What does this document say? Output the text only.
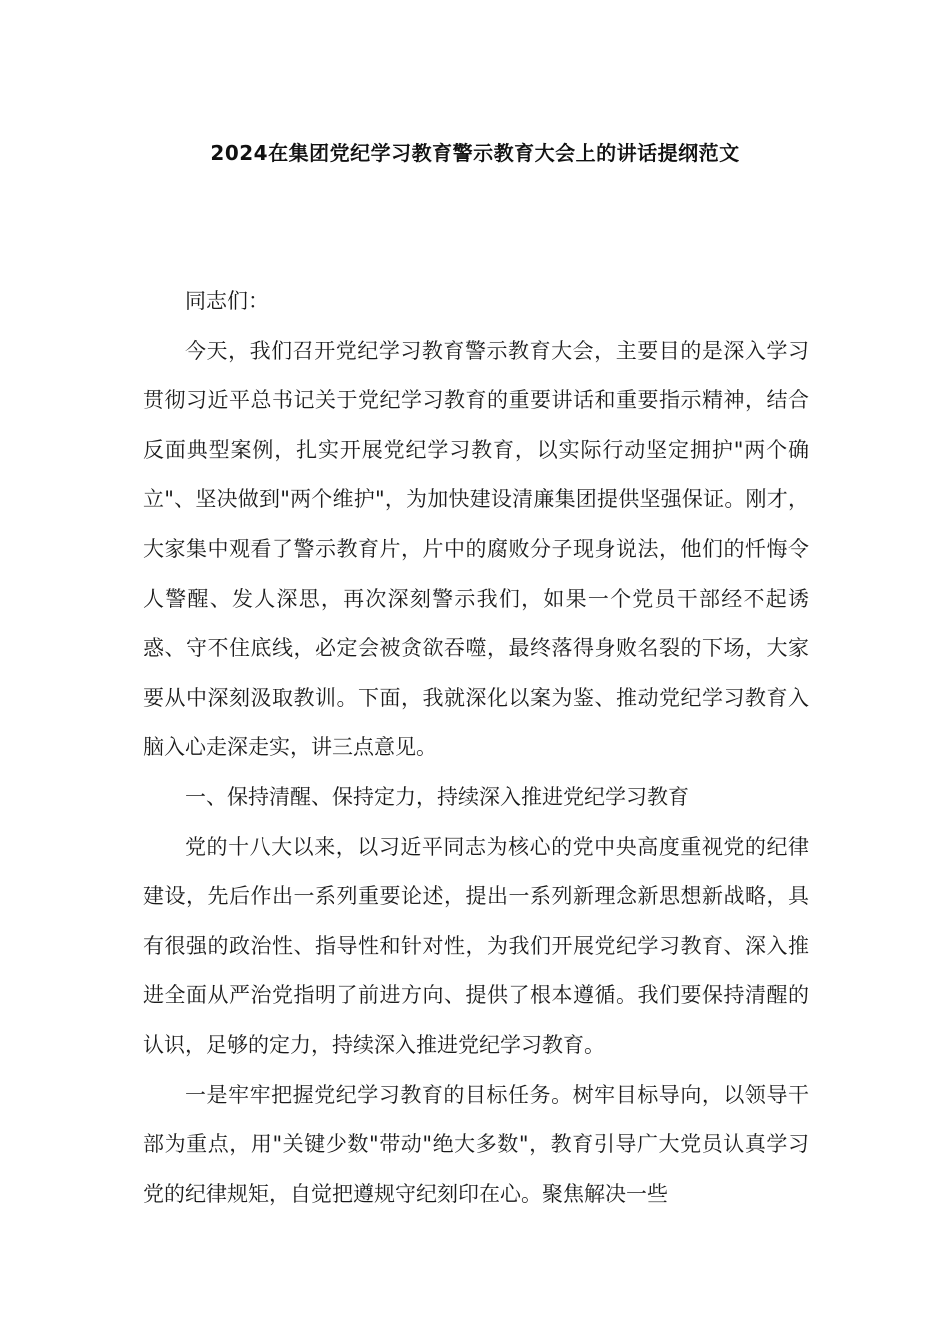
2024在集团党纪学习教育警示教育大会上的讲话提纲范文

同志们：

今天，我们召开党纪学习教育警示教育大会，主要目的是深入学习贯彻习近平总书记关于党纪学习教育的重要讲话和重要指示精神，结合反面典型案例，扎实开展党纪学习教育，以实际行动坚定拥护"两个确立"、坚决做到"两个维护"，为加快建设清廉集团提供坚强保证。刚才，大家集中观看了警示教育片，片中的腐败分子现身说法，他们的忏悔令人警醒、发人深思，再次深刻警示我们，如果一个党员干部经不起诱惑、守不住底线，必定会被贪欲吞噬，最终落得身败名裂的下场，大家要从中深刻汲取教训。下面，我就深化以案为鉴、推动党纪学习教育入脑入心走深走实，讲三点意见。

一、保持清醒、保持定力，持续深入推进党纪学习教育

党的十八大以来，以习近平同志为核心的党中央高度重视党的纪律建设，先后作出一系列重要论述，提出一系列新理念新思想新战略，具有很强的政治性、指导性和针对性，为我们开展党纪学习教育、深入推进全面从严治党指明了前进方向、提供了根本遵循。我们要保持清醒的认识，足够的定力，持续深入推进党纪学习教育。

一是牢牢把握党纪学习教育的目标任务。树牢目标导向，以领导干部为重点，用"关键少数"带动"绝大多数"，教育引导广大党员认真学习党的纪律规矩，自觉把遵规守纪刻印在心。聚焦解决一些
